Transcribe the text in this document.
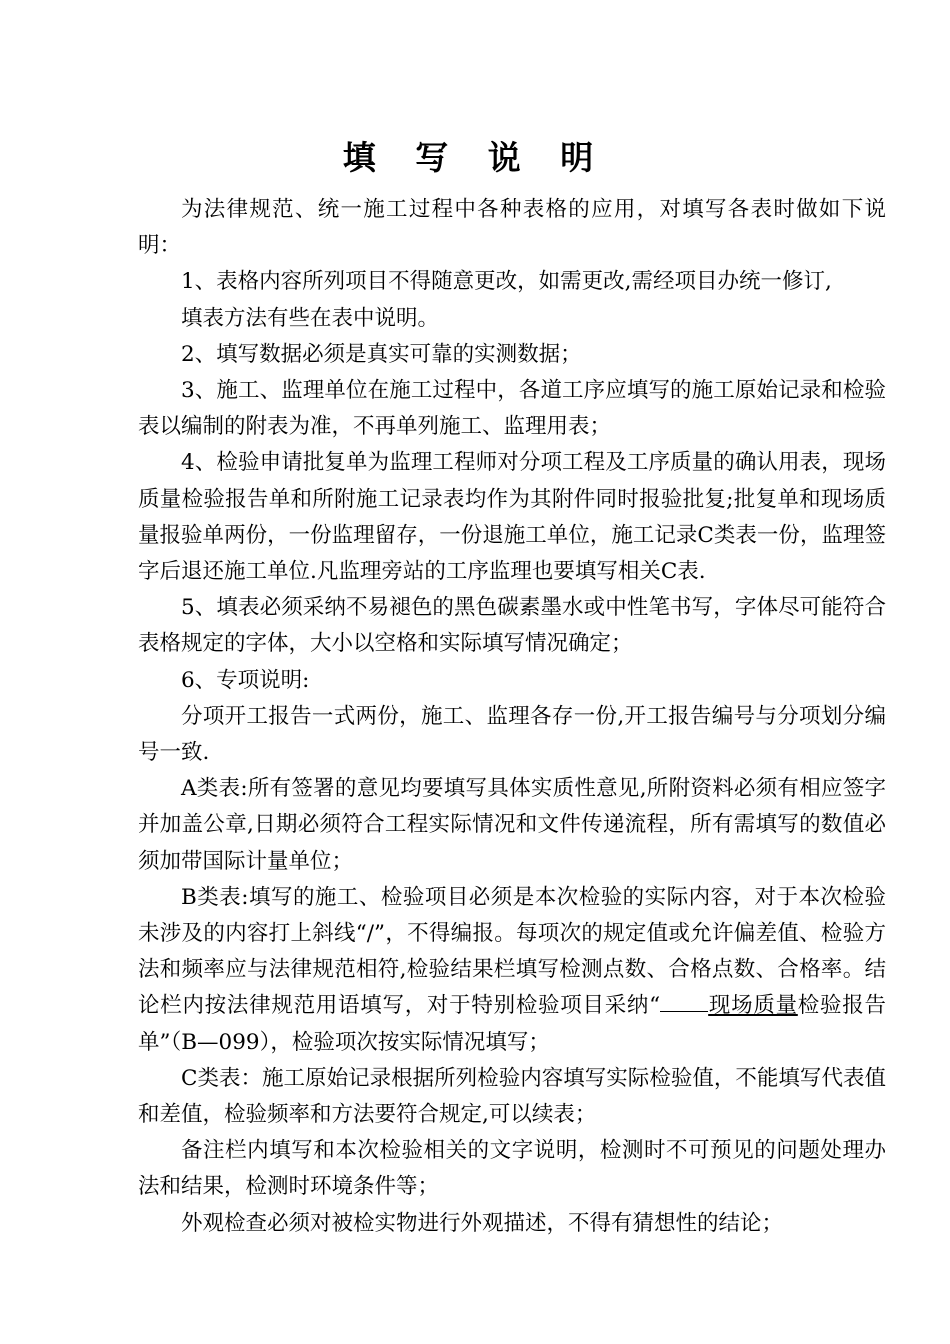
填 写 说 明

为法律规范、统一施工过程中各种表格的应用，对填写各表时做如下说明：

1、表格内容所列项目不得随意更改，如需更改,需经项目办统一修订,

填表方法有些在表中说明。

2、填写数据必须是真实可靠的实测数据；

3、施工、监理单位在施工过程中，各道工序应填写的施工原始记录和检验表以编制的附表为准，不再单列施工、监理用表；

4、检验申请批复单为监理工程师对分项工程及工序质量的确认用表，现场质量检验报告单和所附施工记录表均作为其附件同时报验批复;批复单和现场质量报验单两份，一份监理留存，一份退施工单位，施工记录C类表一份，监理签字后退还施工单位.凡监理旁站的工序监理也要填写相关C表.

5、填表必须采纳不易褪色的黑色碳素墨水或中性笔书写，字体尽可能符合表格规定的字体，大小以空格和实际填写情况确定；

6、专项说明:

分项开工报告一式两份，施工、监理各存一份,开工报告编号与分项划分编号一致.

A类表:所有签署的意见均要填写具体实质性意见,所附资料必须有相应签字并加盖公章,日期必须符合工程实际情况和文件传递流程，所有需填写的数值必须加带国际计量单位；

B类表:填写的施工、检验项目必须是本次检验的实际内容，对于本次检验未涉及的内容打上斜线“/”，不得编报。每项次的规定值或允许偏差值、检验方法和频率应与法律规范相符,检验结果栏填写检测点数、合格点数、合格率。结论栏内按法律规范用语填写，对于特别检验项目采纳“ 现场质量检验报告单”（B—099），检验项次按实际情况填写；

C类表：施工原始记录根据所列检验内容填写实际检验值，不能填写代表值和差值，检验频率和方法要符合规定,可以续表；

备注栏内填写和本次检验相关的文字说明，检测时不可预见的问题处理办法和结果，检测时环境条件等；

外观检查必须对被检实物进行外观描述，不得有猜想性的结论；
